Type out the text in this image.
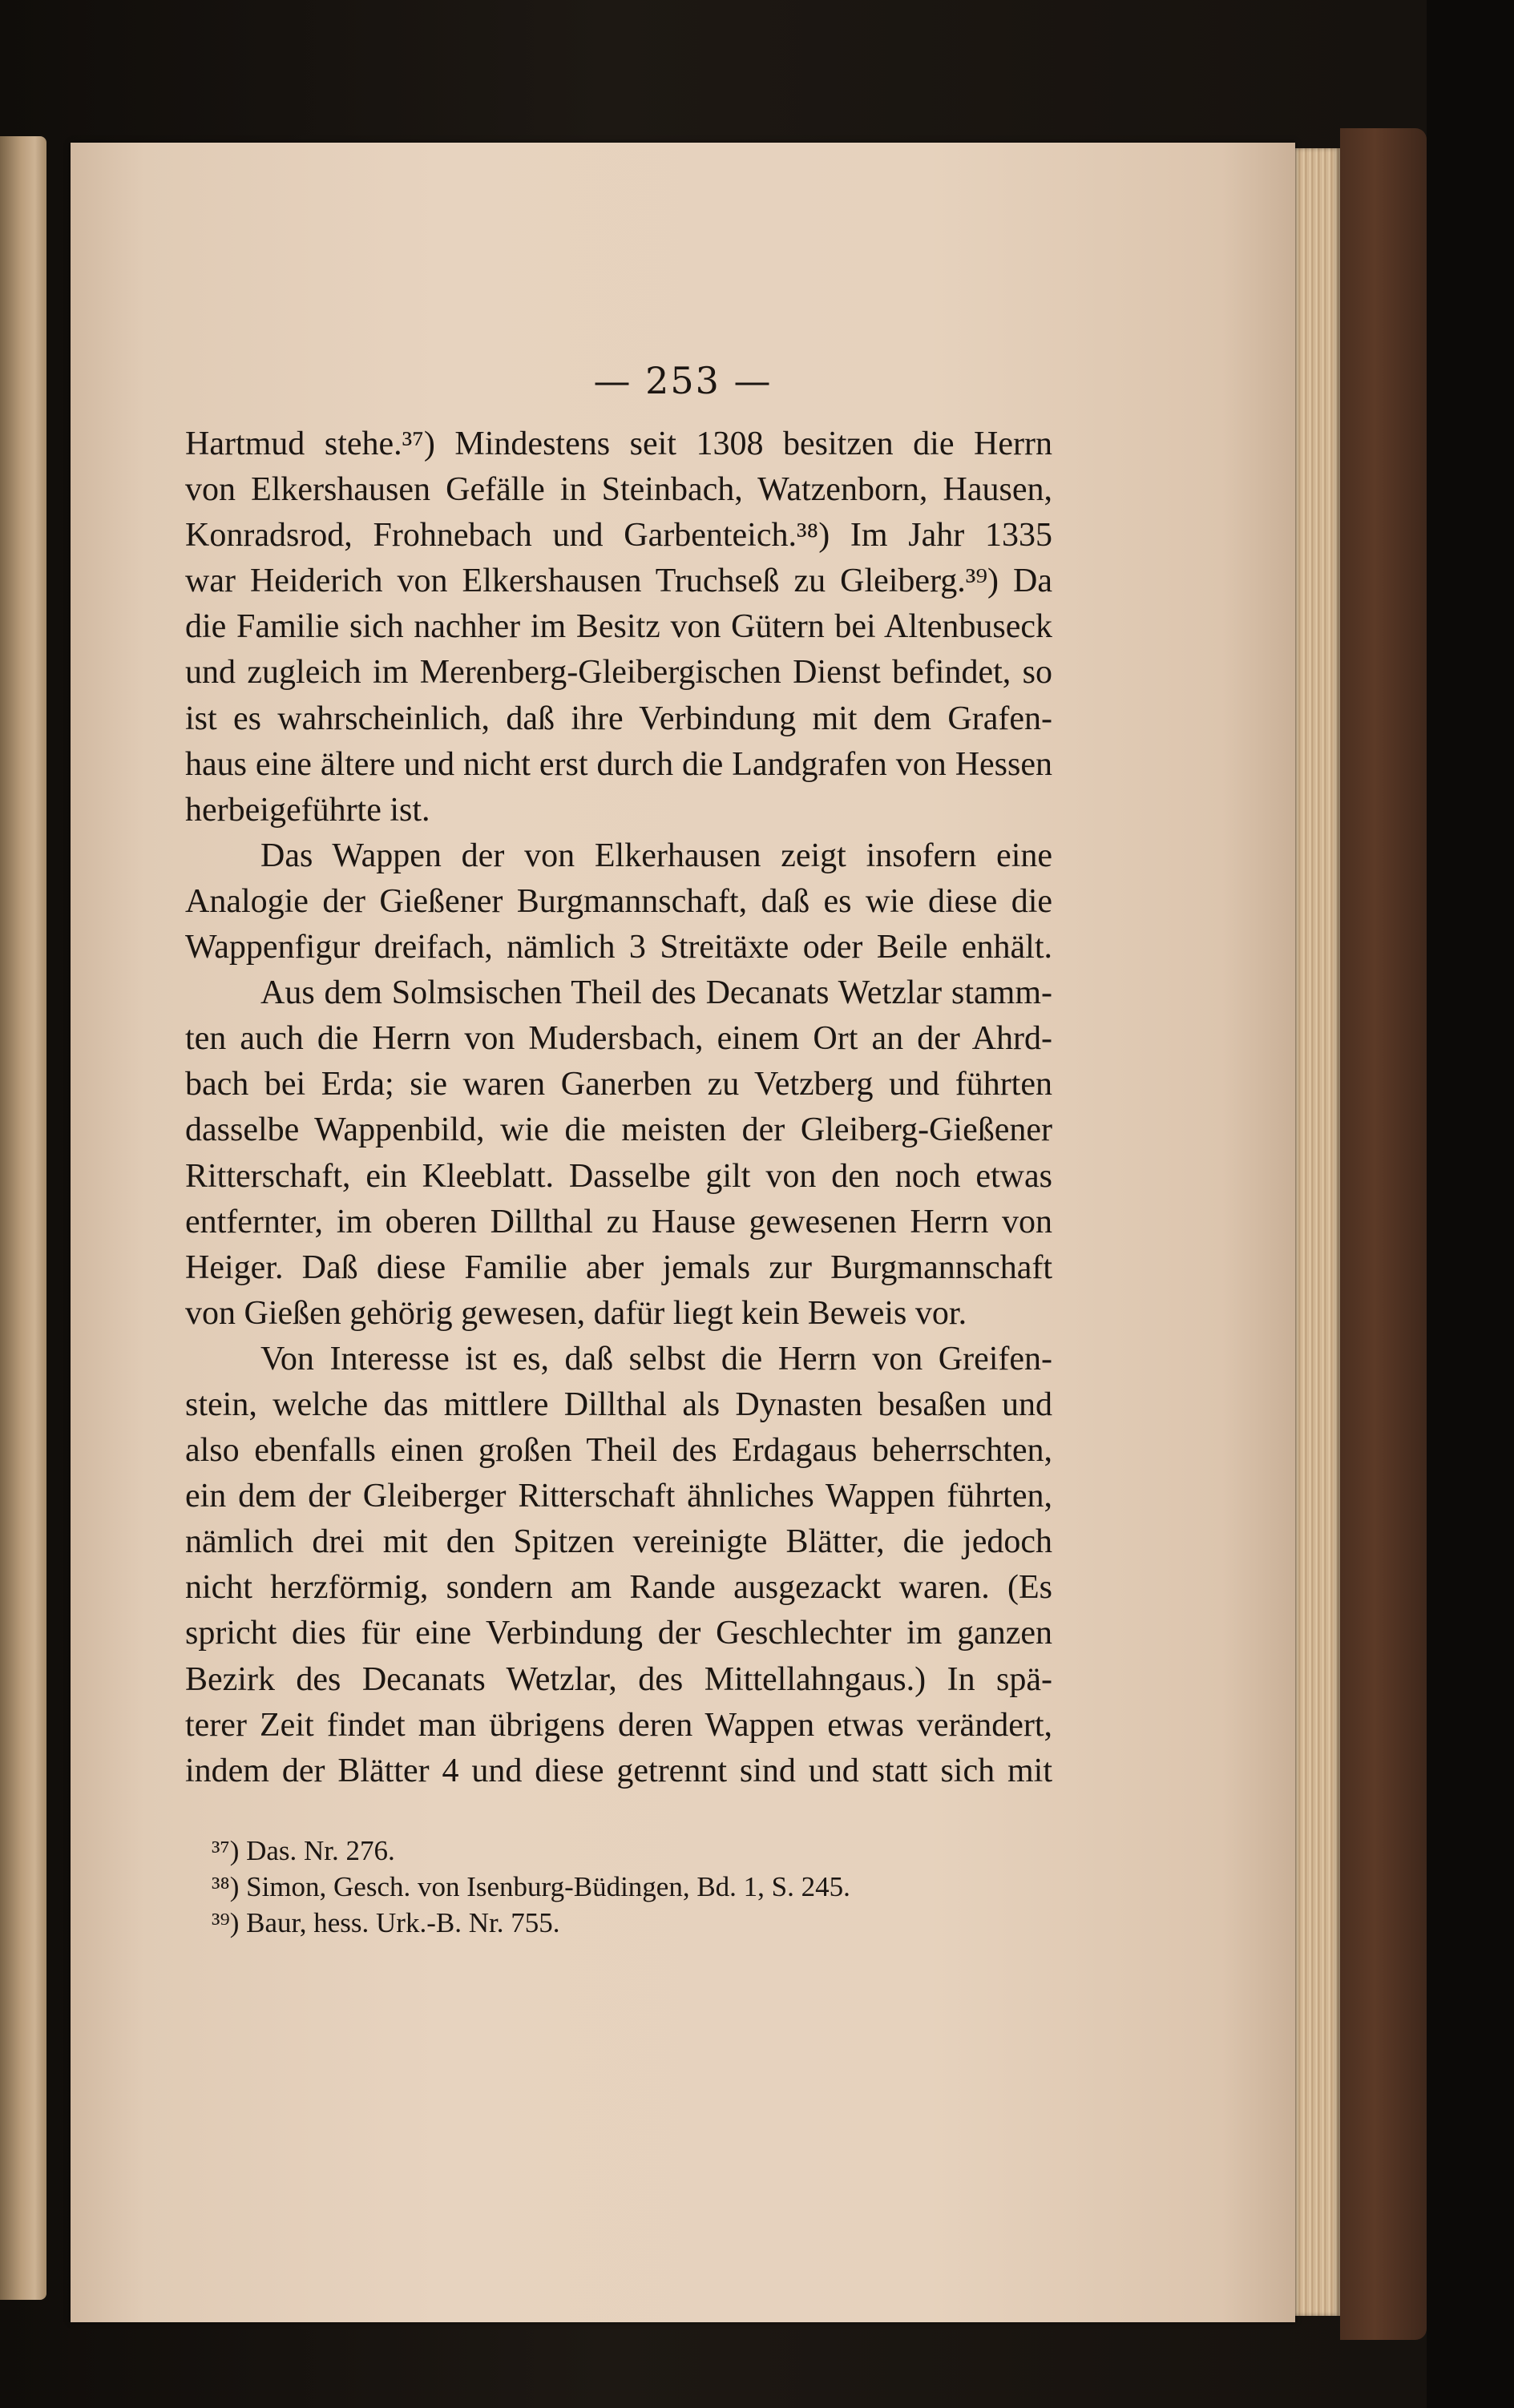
— 253 —
Hartmud stehe.³⁷) Mindestens seit 1308 besitzen die Herrn
von Elkershausen Gefälle in Steinbach, Watzenborn, Hausen,
Konradsrod, Frohnebach und Garbenteich.³⁸) Im Jahr 1335
war Heiderich von Elkershausen Truchseß zu Gleiberg.³⁹) Da
die Familie sich nachher im Besitz von Gütern bei Altenbuseck
und zugleich im Merenberg-Gleibergischen Dienst befindet, so
ist es wahrscheinlich, daß ihre Verbindung mit dem Grafen-
haus eine ältere und nicht erst durch die Landgrafen von Hessen
herbeigeführte ist.
Das Wappen der von Elkerhausen zeigt insofern eine
Analogie der Gießener Burgmannschaft, daß es wie diese die
Wappenfigur dreifach, nämlich 3 Streitäxte oder Beile enhält.
Aus dem Solmsischen Theil des Decanats Wetzlar stamm-
ten auch die Herrn von Mudersbach, einem Ort an der Ahrd-
bach bei Erda; sie waren Ganerben zu Vetzberg und führten
dasselbe Wappenbild, wie die meisten der Gleiberg-Gießener
Ritterschaft, ein Kleeblatt. Dasselbe gilt von den noch etwas
entfernter, im oberen Dillthal zu Hause gewesenen Herrn von
Heiger. Daß diese Familie aber jemals zur Burgmannschaft
von Gießen gehörig gewesen, dafür liegt kein Beweis vor.
Von Interesse ist es, daß selbst die Herrn von Greifen-
stein, welche das mittlere Dillthal als Dynasten besaßen und
also ebenfalls einen großen Theil des Erdagaus beherrschten,
ein dem der Gleiberger Ritterschaft ähnliches Wappen führten,
nämlich drei mit den Spitzen vereinigte Blätter, die jedoch
nicht herzförmig, sondern am Rande ausgezackt waren. (Es
spricht dies für eine Verbindung der Geschlechter im ganzen
Bezirk des Decanats Wetzlar, des Mittellahngaus.) In spä-
terer Zeit findet man übrigens deren Wappen etwas verändert,
indem der Blätter 4 und diese getrennt sind und statt sich mit
³⁷) Das. Nr. 276.
³⁸) Simon, Gesch. von Isenburg-Büdingen, Bd. 1, S. 245.
³⁹) Baur, hess. Urk.-B. Nr. 755.
